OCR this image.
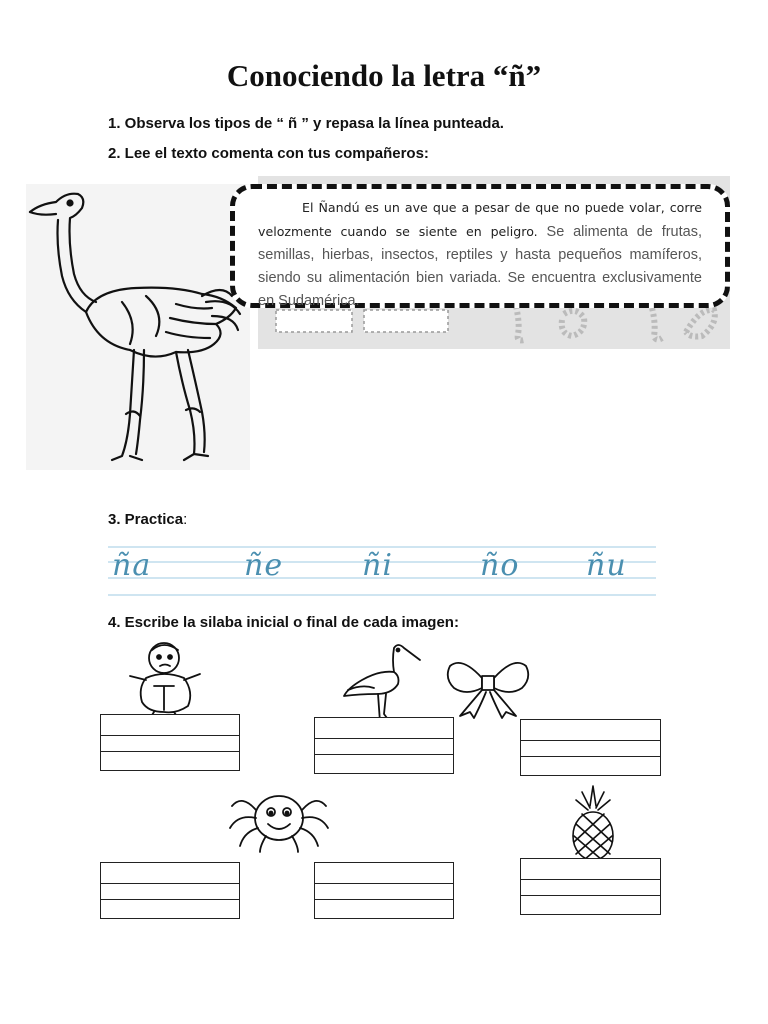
Conociendo la letra “ñ”
1. Observa los tipos de “ ñ ” y repasa la línea punteada.
2. Lee el texto comenta con tus compañeros:
El Ñandú es un ave que a pesar de que no puede volar, corre velozmente cuando se siente en peligro. Se alimenta de frutas, semillas, hierbas, insectos, reptiles y hasta pequeños mamíferos, siendo su alimentación bien variada. Se encuentra exclusivamente en Sudamérica.
3. Practica:
ña	ñe	ñi	ño ñu
4. Escribe la silaba inicial o final de cada imagen:
